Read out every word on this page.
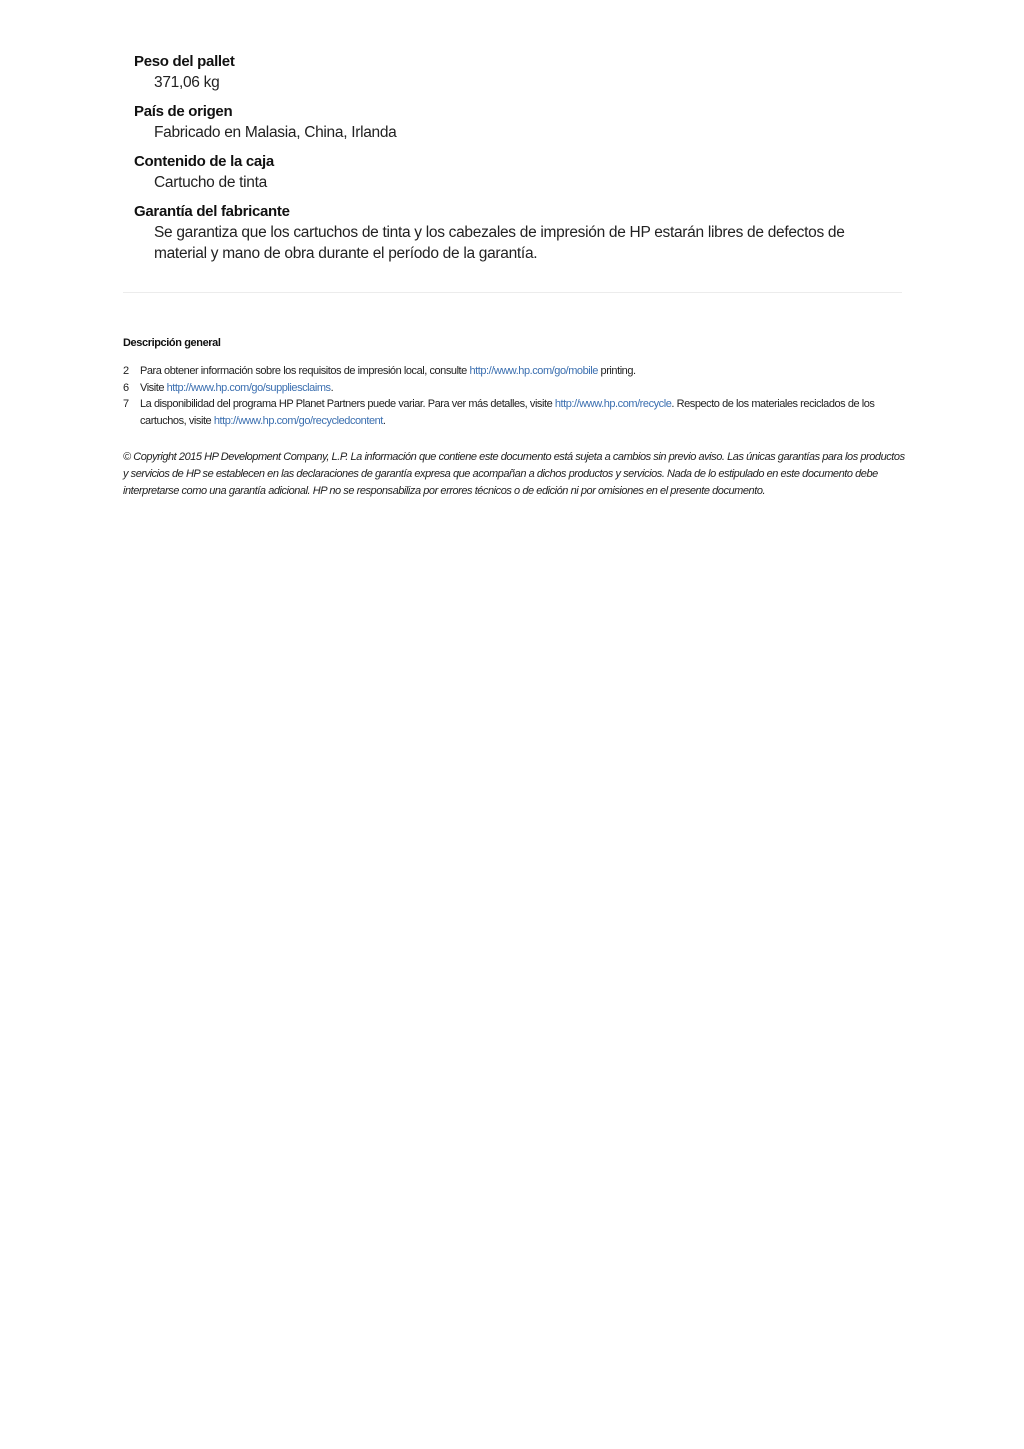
Peso del pallet
371,06 kg
País de origen
Fabricado en Malasia, China, Irlanda
Contenido de la caja
Cartucho de tinta
Garantía del fabricante
Se garantiza que los cartuchos de tinta y los cabezales de impresión de HP estarán libres de defectos de material y mano de obra durante el período de la garantía.
Descripción general
2	Para obtener información sobre los requisitos de impresión local, consulte http://www.hp.com/go/mobile printing.
6	Visite http://www.hp.com/go/suppliesclaims.
7	La disponibilidad del programa HP Planet Partners puede variar. Para ver más detalles, visite http://www.hp.com/recycle. Respecto de los materiales reciclados de los cartuchos, visite http://www.hp.com/go/recycledcontent.
© Copyright 2015 HP Development Company, L.P. La información que contiene este documento está sujeta a cambios sin previo aviso. Las únicas garantías para los productos y servicios de HP se establecen en las declaraciones de garantía expresa que acompañan a dichos productos y servicios. Nada de lo estipulado en este documento debe interpretarse como una garantía adicional. HP no se responsabiliza por errores técnicos o de edición ni por omisiones en el presente documento.
